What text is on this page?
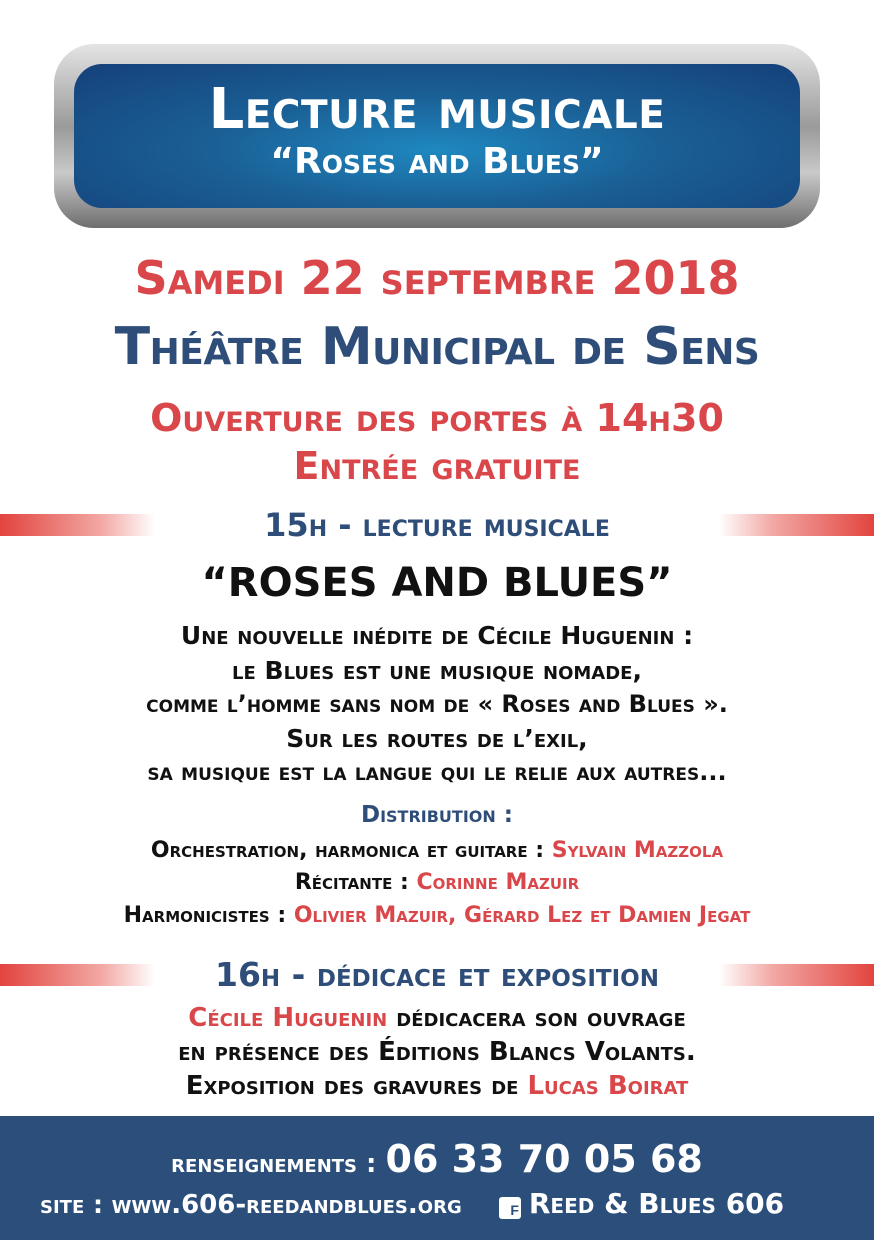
Lecture musicale
“Roses and Blues”
Samedi 22 septembre 2018
Théâtre Municipal de Sens
Ouverture des portes à 14h30
Entrée gratuite
15h - lecture musicale
“ROSES AND BLUES”
Une nouvelle inédite de Cécile Huguenin :
le Blues est une musique nomade,
comme l’homme sans nom de « Roses and Blues ».
Sur les routes de l’exil,
sa musique est la langue qui le relie aux autres...
Distribution :
Orchestration, harmonica et guitare : Sylvain Mazzola
Récitante : Corinne Mazuir
Harmonicistes : Olivier Mazuir, Gérard Lez et Damien Jegat
16h - dédicace et exposition
Cécile Huguenin dédicacera son ouvrage
en présence des Éditions Blancs Volants.
Exposition des gravures de Lucas Boirat
renseignements : 06 33 70 05 68
site : www.606-reedandblues.org f Reed & Blues 606
